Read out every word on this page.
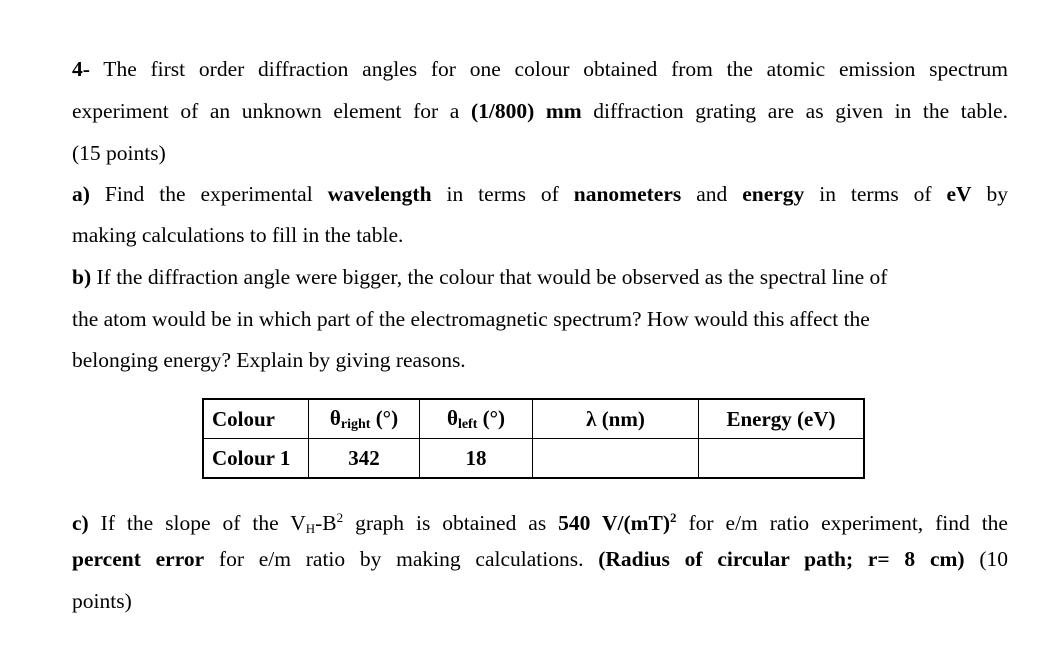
4- The first order diffraction angles for one colour obtained from the atomic emission spectrum
experiment of an unknown element for a (1/800) mm diffraction grating are as given in the table.
(15 points)
a) Find the experimental wavelength in terms of nanometers and energy in terms of eV by
making calculations to fill in the table.
b) If the diffraction angle were bigger, the colour that would be observed as the spectral line of
the atom would be in which part of the electromagnetic spectrum? How would this affect the
belonging energy? Explain by giving reasons.
Colour	θright (°)	θleft (°)	λ (nm)	Energy (eV)
Colour 1	342	18		
c) If the slope of the $V_H-B^2$ graph is obtained as 540 V/(mT)$^2$ for e/m ratio experiment, find the
percent error for e/m ratio by making calculations. (Radius of circular path; r= 8 cm) (10
points)
